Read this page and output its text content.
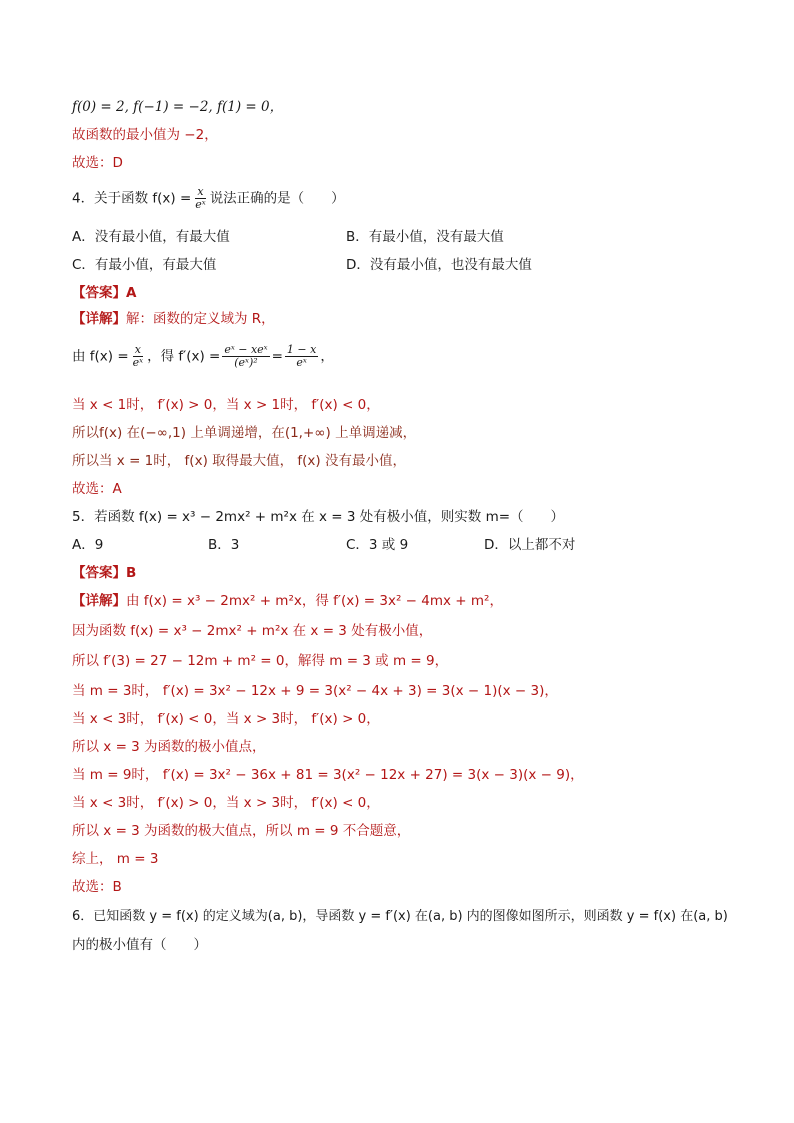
f(0) = 2, f(−1) = −2, f(1) = 0，
故函数的最小值为 −2，
故选：D
4．关于函数 $f(x) = \frac{x}{\text{eˣ}}$ 说法正确的是（　　）
A．没有最小值，有最大值	B．有最小值，没有最大值
C．有最小值，有最大值	D．没有最小值，也没有最大值
【答案】A
【详解】解：函数的定义域为 R，
由 $f(x) = \frac{x}{\text{eˣ}}$ ，得 $f'(x) = \frac{\text{eˣ − xeˣ}}{\text{(eˣ)²}} = \frac{1 - x}{\text{eˣ}}$ ，
当 x < 1时， f′(x) > 0，当 x > 1时， f′(x) < 0，
所以f(x) 在(−∞,1) 上单调递增，在(1,+∞) 上单调递减，
所以当 x = 1时， f(x) 取得最大值， f(x) 没有最小值，
故选：A
5．若函数 f(x) = x³ − 2mx² + m²x 在 x = 3 处有极小值，则实数 m=（　　）
A．9	B．3	C．3 或 9	D．以上都不对
【答案】B
【详解】由 f(x) = x³ − 2mx² + m²x，得 f′(x) = 3x² − 4mx + m²，
因为函数 f(x) = x³ − 2mx² + m²x 在 x = 3 处有极小值，
所以 f′(3) = 27 − 12m + m² = 0，解得 m = 3 或 m = 9，
当 m = 3时， f′(x) = 3x² − 12x + 9 = 3(x² − 4x + 3) = 3(x − 1)(x − 3)，
当 x < 3时， f′(x) < 0，当 x > 3时， f′(x) > 0，
所以 x = 3 为函数的极小值点，
当 m = 9时， f′(x) = 3x² − 36x + 81 = 3(x² − 12x + 27) = 3(x − 3)(x − 9)，
当 x < 3时， f′(x) > 0，当 x > 3时， f′(x) < 0，
所以 x = 3 为函数的极大值点，所以 m = 9 不合题意，
综上， m = 3
故选：B
6．已知函数 y = f(x) 的定义域为(a, b)，导函数 y = f′(x) 在(a, b) 内的图像如图所示，则函数 y = f(x) 在(a, b)
内的极小值有（　　）
